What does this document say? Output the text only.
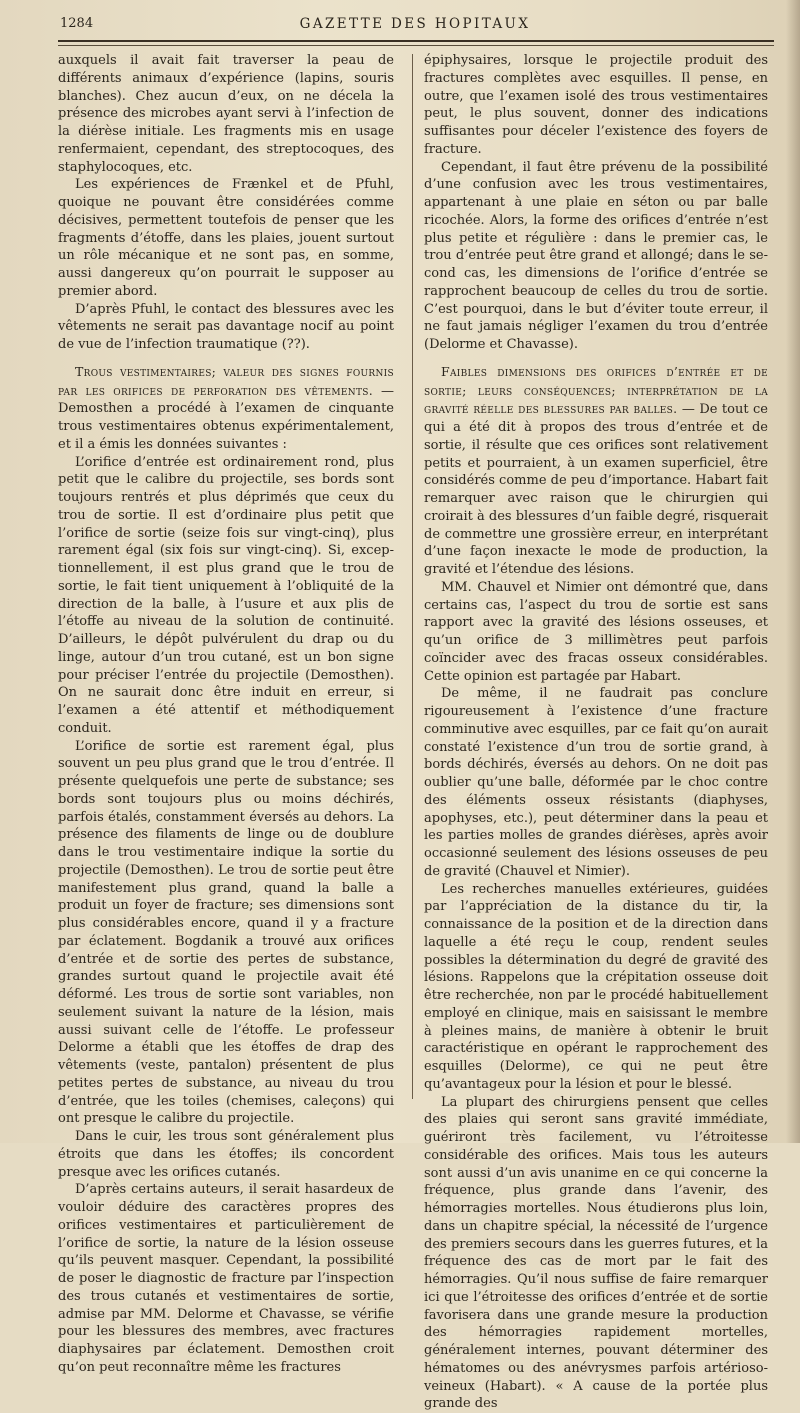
1284	GAZETTE DES HOPITAUX

auxquels il avait fait traverser la peau de différents animaux d’expérience (lapins, souris blanches). Chez aucun d’eux, on ne décela la présence des microbes ayant servi à l’infection de la diérèse initiale. Les fragments mis en usage renfermaient, cependant, des streptocoques, des staphylocoques, etc.

Les expériences de Frænkel et de Pfuhl, quoique ne pouvant être considérées comme décisives, permettent toutefois de penser que les fragments d’étoffe, dans les plaies, jouent surtout un rôle mécanique et ne sont pas, en somme, aussi dangereux qu’on pourrait le supposer au premier abord.

D’après Pfuhl, le contact des blessures avec les vêtements ne serait pas davantage nocif au point de vue de l’infection traumatique (??).

Trous vestimentaires; valeur des signes fournis par les orifices de perforation des vêtements. — Demosthen a procédé à l’examen de cinquante trous vestimentaires obtenus expérimentalement, et il a émis les données suivantes :

L’orifice d’entrée est ordinairement rond, plus petit que le calibre du projectile, ses bords sont toujours rentrés et plus déprimés que ceux du trou de sortie. Il est d’ordinaire plus petit que l’orifice de sortie (seize fois sur vingt-cinq), plus rarement égal (six fois sur vingt-cinq). Si, exceptionnellement, il est plus grand que le trou de sortie, le fait tient uniquement à l’obliquité de la direction de la balle, à l’usure et aux plis de l’étoffe au niveau de la solution de continuité. D’ailleurs, le dépôt pulvérulent du drap ou du linge, autour d’un trou cutané, est un bon signe pour préciser l’entrée du projectile (Demosthen). On ne saurait donc être induit en erreur, si l’examen a été attentif et méthodiquement conduit.

L’orifice de sortie est rarement égal, plus souvent un peu plus grand que le trou d’entrée. Il présente quelquefois une perte de substance; ses bords sont toujours plus ou moins déchirés, parfois étalés, constamment éversés au dehors. La présence des filaments de linge ou de doublure dans le trou vestimentaire indique la sortie du projectile (Demosthen). Le trou de sortie peut être manifestement plus grand, quand la balle a produit un foyer de fracture; ses dimensions sont plus considérables encore, quand il y a fracture par éclatement. Bogdanik a trouvé aux orifices d’entrée et de sortie des pertes de substance, grandes surtout quand le projectile avait été déformé. Les trous de sortie sont variables, non seulement suivant la nature de la lésion, mais aussi suivant celle de l’étoffe. Le professeur Delorme a établi que les étoffes de drap des vêtements (veste, pantalon) présentent de plus petites pertes de substance, au niveau du trou d’entrée, que les toiles (chemises, caleçons) qui ont presque le calibre du projectile.

Dans le cuir, les trous sont généralement plus étroits que dans les étoffes; ils concordent presque avec les orifices cutanés.

D’après certains auteurs, il serait hasardeux de vouloir déduire des caractères propres des orifices vestimentaires et particulièrement de l’orifice de sortie, la nature de la lésion osseuse qu’ils peuvent masquer. Cependant, la possibilité de poser le diagnostic de fracture par l’inspection des trous cutanés et vestimentaires de sortie, admise par MM. Delorme et Chavasse, se vérifie pour les blessures des membres, avec fractures diaphysaires par éclatement. Demosthen croit qu’on peut reconnaître même les fractures

épiphysaires, lorsque le projectile produit des fractures complètes avec esquilles. Il pense, en outre, que l’examen isolé des trous vestimentaires peut, le plus souvent, donner des indications suffisantes pour déceler l’existence des foyers de fracture.

Cependant, il faut être prévenu de la possibilité d’une confusion avec les trous vestimentaires, appartenant à une plaie en séton ou par balle ricochée. Alors, la forme des orifices d’entrée n’est plus petite et régulière : dans le premier cas, le trou d’entrée peut être grand et allongé; dans le second cas, les dimensions de l’orifice d’entrée se rapprochent beaucoup de celles du trou de sortie. C’est pourquoi, dans le but d’éviter toute erreur, il ne faut jamais négliger l’examen du trou d’entrée (Delorme et Chavasse).

Faibles dimensions des orifices d’entrée et de sortie; leurs conséquences; interprétation de la gravité réelle des blessures par balles. — De tout ce qui a été dit à propos des trous d’entrée et de sortie, il résulte que ces orifices sont relativement petits et pourraient, à un examen superficiel, être considérés comme de peu d’importance. Habart fait remarquer avec raison que le chirurgien qui croirait à des blessures d’un faible degré, risquerait de commettre une grossière erreur, en interprétant d’une façon inexacte le mode de production, la gravité et l’étendue des lésions.

MM. Chauvel et Nimier ont démontré que, dans certains cas, l’aspect du trou de sortie est sans rapport avec la gravité des lésions osseuses, et qu’un orifice de 3 millimètres peut parfois coïncider avec des fracas osseux considérables. Cette opinion est partagée par Habart.

De même, il ne faudrait pas conclure rigoureusement à l’existence d’une fracture comminutive avec esquilles, par ce fait qu’on aurait constaté l’existence d’un trou de sortie grand, à bords déchirés, éversés au dehors. On ne doit pas oublier qu’une balle, déformée par le choc contre des éléments osseux résistants (diaphyses, apophyses, etc.), peut déterminer dans la peau et les parties molles de grandes diérèses, après avoir occasionné seulement des lésions osseuses de peu de gravité (Chauvel et Nimier).

Les recherches manuelles extérieures, guidées par l’appréciation de la distance du tir, la connaissance de la position et de la direction dans laquelle a été reçu le coup, rendent seules possibles la détermination du degré de gravité des lésions. Rappelons que la crépitation osseuse doit être recherchée, non par le procédé habituellement employé en clinique, mais en saisissant le membre à pleines mains, de manière à obtenir le bruit caractéristique en opérant le rapprochement des esquilles (Delorme), ce qui ne peut être qu’avantageux pour la lésion et pour le blessé.

La plupart des chirurgiens pensent que celles des plaies qui seront sans gravité immédiate, guériront très facilement, vu l’étroitesse considérable des orifices. Mais tous les auteurs sont aussi d’un avis unanime en ce qui concerne la fréquence, plus grande dans l’avenir, des hémorragies mortelles. Nous étudierons plus loin, dans un chapitre spécial, la nécessité de l’urgence des premiers secours dans les guerres futures, et la fréquence des cas de mort par le fait des hémorragies. Qu’il nous suffise de faire remarquer ici que l’étroitesse des orifices d’entrée et de sortie favorisera dans une grande mesure la production des hémorragies rapidement mortelles, généralement internes, pouvant déterminer des hématomes ou des anévrysmes parfois artérioso-veineux (Habart). « A cause de la portée plus grande des
